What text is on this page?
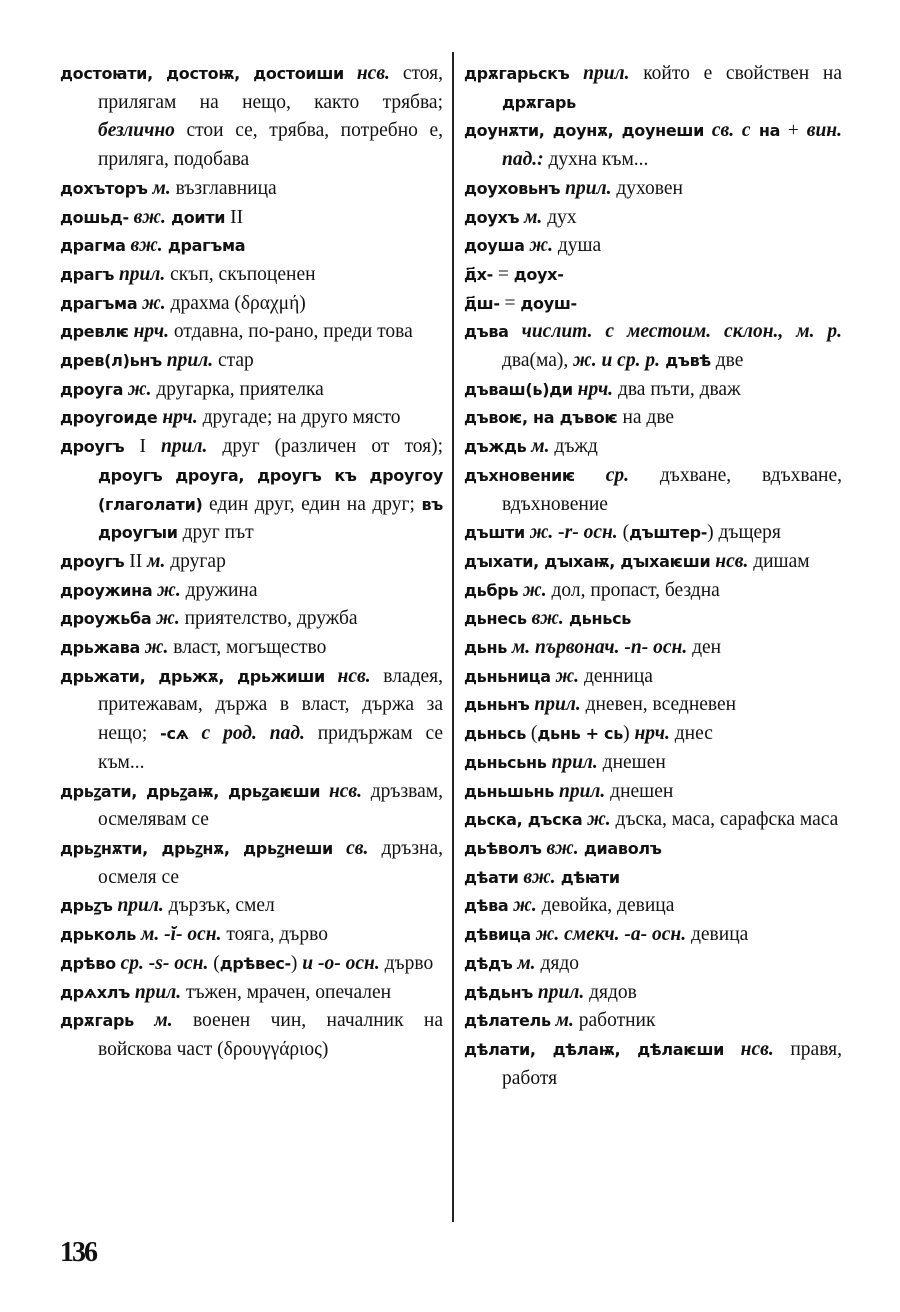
достоꙗти, достоѭ, достоиши нсв. стоя, прилягам на нещо, както трябва; безлично стои се, трябва, потребно е, приляга, подобава

дохъторъ м. възглавница

дошьд- вж. доити II

драгма вж. драгъма

драгъ прил. скъп, скъпоценен

драгъма ж. драхма (δραχμή)

древлѥ нрч. отдавна, по-рано, преди това

древ(л)ьнъ прил. стар

дроуга ж. другарка, приятелка

дроугоиде нрч. другаде; на друго място

дроугъ I прил. друг (различен от тоя); дроугъ дроуга, дроугъ къ дроугоу (глаголати) един друг, един на друг; въ дроугꙑи друг път

дроугъ II м. другар

дроужина ж. дружина

дроужьба ж. приятелство, дружба

дрьжава ж. власт, могъщество

дрьжати, дрьжѫ, дрьжиши нсв. владея, притежавам, държа в власт, държа за нещо; -сѧ с род. пад. придържам се към...

дрьꙁати, дрьꙁаѭ, дрьꙁаѥши нсв. дръзвам, осмелявам се

дрьꙁнѫти, дрьꙁнѫ, дрьꙁнеши св. дръзна, осмеля се

дрьꙁъ прил. дързък, смел

дрьколь м. -ĭ- осн. тояга, дърво

дрѣво ср. -s- осн. (дрѣвес-) и -о- осн. дърво

дрѧхлъ прил. тъжен, мрачен, опечален

дрѫгарь м. военен чин, началник на войскова част (δρουγγάριος)

дрѫгарьскъ прил. който е свойствен на дрѫгарь

доунѫти, доунѫ, доунеши св. с на + вин. пад.: духна към...

доуховьнъ прил. духовен

доухъ м. дух

доуша ж. душа

д҃х- = доух-

д҃ш- = доуш-

дъва числит. с местоим. склон., м. р. два(ма), ж. и ср. р. дъвѣ две

дъваш(ь)ди нрч. два пъти, дваж

дъвоѥ, на дъвоѥ на две

дъждь м. дъжд

дъхновениѥ ср. дъхване, вдъхване, вдъхновение

дъшти ж. -r- осн. (дъштер-) дъщеря

дꙑхати, дꙑхаѭ, дꙑхаѥши нсв. дишам

дьбрь ж. дол, пропаст, бездна

дьнесь вж. дьньсь

дьнь м. първонач. -n- осн. ден

дьньница ж. денница

дьньнъ прил. дневен, вседневен

дьньсь (дьнь + сь) нрч. днес

дьньсьнь прил. днешен

дьньшьнь прил. днешен

дьска, дъска ж. дъска, маса, сарафска маса

дьѣволъ вж. диаволъ

дѣати вж. дѣꙗти

дѣва ж. девойка, девица

дѣвица ж. смекч. -a- осн. девица

дѣдъ м. дядо

дѣдьнъ прил. дядов

дѣлатель м. работник

дѣлати, дѣлаѭ, дѣлаѥши нсв. правя, работя

136
